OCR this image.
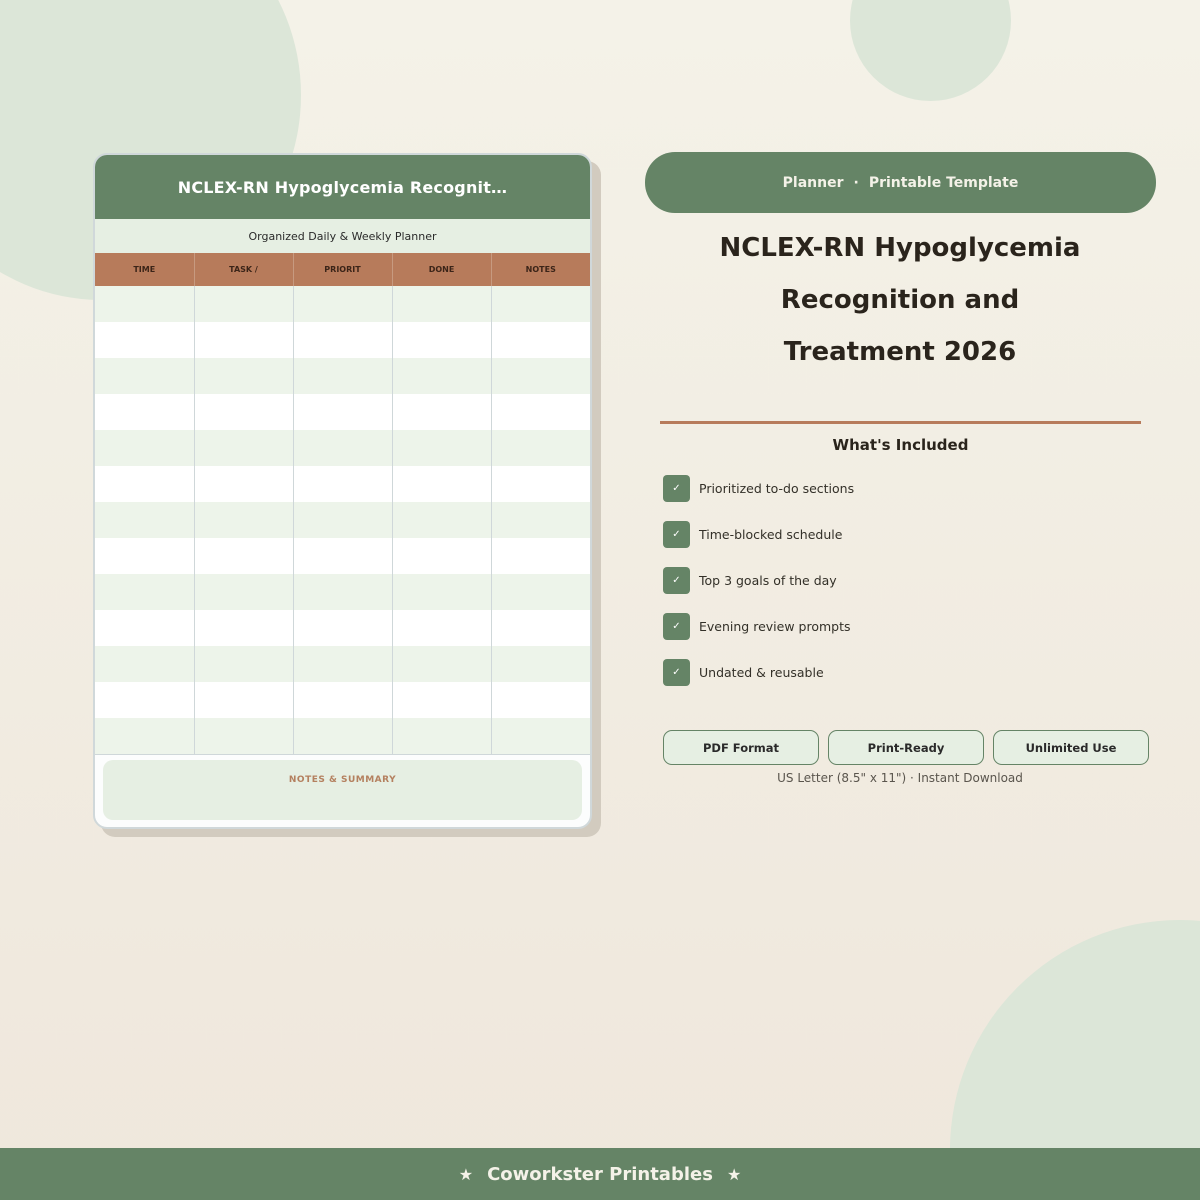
NCLEX-RN Hypoglycemia Recognit…
Organized Daily & Weekly Planner
TIME	TASK /	PRIORIT	DONE	NOTES

NOTES & SUMMARY
Planner · Printable Template
NCLEX-RN Hypoglycemia
Recognition and
Treatment 2026
What's Included
✓	Prioritized to-do sections
✓	Time-blocked schedule
✓	Top 3 goals of the day
✓	Evening review prompts
✓	Undated & reusable
PDF Format	Print-Ready	Unlimited Use
US Letter (8.5" x 11") · Instant Download
★ Coworkster Printables ★
